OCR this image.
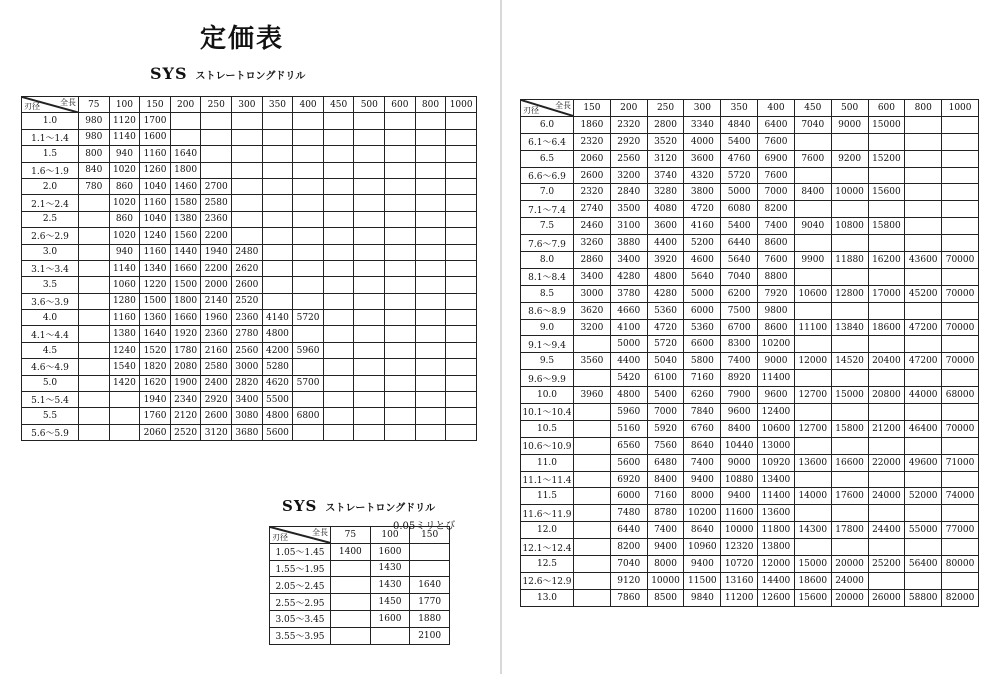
定価表
SYS ストレートロングドリル
全長
刃径	75	100	150	200	250	300	350	400	450	500	600	800	1000
1.0	980	1120	1700										
1.1～1.4	980	1140	1600										
1.5	800	940	1160	1640									
1.6～1.9	840	1020	1260	1800									
2.0	780	860	1040	1460	2700								
2.1～2.4		1020	1160	1580	2580								
2.5		860	1040	1380	2360								
2.6～2.9		1020	1240	1560	2200								
3.0		940	1160	1440	1940	2480							
3.1～3.4		1140	1340	1660	2200	2620							
3.5		1060	1220	1500	2000	2600							
3.6～3.9		1280	1500	1800	2140	2520							
4.0		1160	1360	1660	1960	2360	4140	5720					
4.1～4.4		1380	1640	1920	2360	2780	4800						
4.5		1240	1520	1780	2160	2560	4200	5960					
4.6～4.9		1540	1820	2080	2580	3000	5280						
5.0		1420	1620	1900	2400	2820	4620	5700					
5.1～5.4			1940	2340	2920	3400	5500						
5.5			1760	2120	2600	3080	4800	6800					
5.6～5.9			2060	2520	3120	3680	5600						
全長
刃径	150	200	250	300	350	400	450	500	600	800	1000
6.0	1860	2320	2800	3340	4840	6400	7040	9000	15000		
6.1～6.4	2320	2920	3520	4000	5400	7600					
6.5	2060	2560	3120	3600	4760	6900	7600	9200	15200		
6.6～6.9	2600	3200	3740	4320	5720	7600					
7.0	2320	2840	3280	3800	5000	7000	8400	10000	15600		
7.1～7.4	2740	3500	4080	4720	6080	8200					
7.5	2460	3100	3600	4160	5400	7400	9040	10800	15800		
7.6～7.9	3260	3880	4400	5200	6440	8600					
8.0	2860	3400	3920	4600	5640	7600	9900	11880	16200	43600	70000
8.1～8.4	3400	4280	4800	5640	7040	8800					
8.5	3000	3780	4280	5000	6200	7920	10600	12800	17000	45200	70000
8.6～8.9	3620	4660	5360	6000	7500	9800					
9.0	3200	4100	4720	5360	6700	8600	11100	13840	18600	47200	70000
9.1～9.4		5000	5720	6600	8300	10200					
9.5	3560	4400	5040	5800	7400	9000	12000	14520	20400	47200	70000
9.6～9.9		5420	6100	7160	8920	11400					
10.0	3960	4800	5400	6260	7900	9600	12700	15000	20800	44000	68000
10.1～10.4		5960	7000	7840	9600	12400					
10.5		5160	5920	6760	8400	10600	12700	15800	21200	46400	70000
10.6～10.9		6560	7560	8640	10440	13000					
11.0		5600	6480	7400	9000	10920	13600	16600	22000	49600	71000
11.1～11.4		6920	8400	9400	10880	13400					
11.5		6000	7160	8000	9400	11400	14000	17600	24000	52000	74000
11.6～11.9		7480	8780	10200	11600	13600					
12.0		6440	7400	8640	10000	11800	14300	17800	24400	55000	77000
12.1～12.4		8200	9400	10960	12320	13800					
12.5		7040	8000	9400	10720	12000	15000	20000	25200	56400	80000
12.6～12.9		9120	10000	11500	13160	14400	18600	24000			
13.0		7860	8500	9840	11200	12600	15600	20000	26000	58800	82000
SYS ストレートロングドリル
0.05ミリとび
全長
刃径	75	100	150
1.05～1.45	1400	1600	
1.55～1.95		1430	
2.05～2.45		1430	1640
2.55～2.95		1450	1770
3.05～3.45		1600	1880
3.55～3.95			2100
